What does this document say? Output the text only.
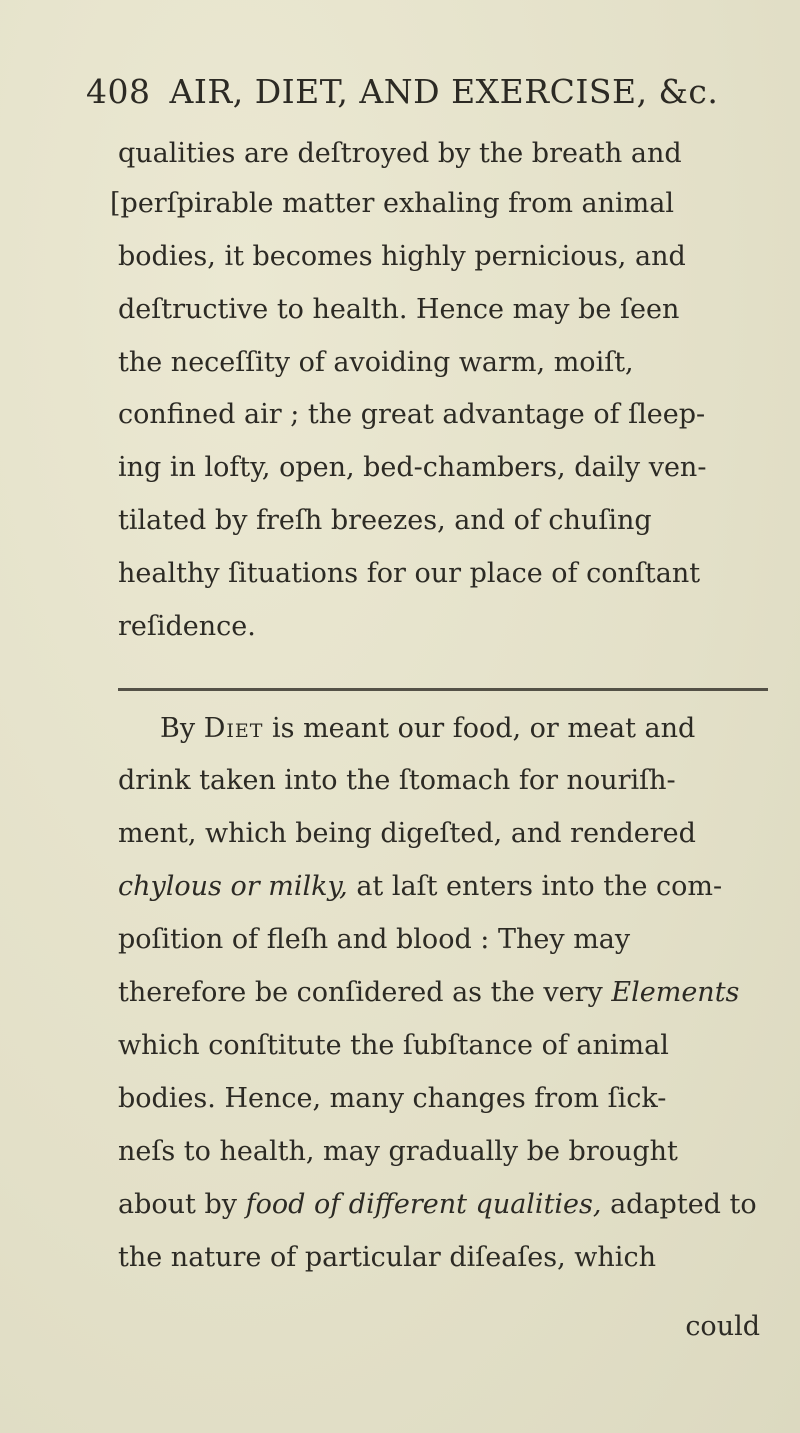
408 AIR, DIET, AND EXERCISE, &c.
qualities are deſtroyed by the breath and
[perſpirable matter exhaling from animal
bodies, it becomes highly pernicious, and
deſtructive to health. Hence may be ſeen
the neceſſity of avoiding warm, moiſt,
confined air ; the great advantage of ſleep-
ing in lofty, open, bed-chambers, daily ven-
tilated by freſh breezes, and of chuſing
healthy ſituations for our place of conſtant
reſidence.
By Diet is meant our food, or meat and
drink taken into the ſtomach for nouriſh-
ment, which being digeſted, and rendered
chylous or milky, at laſt enters into the com-
poſition of fleſh and blood : They may
therefore be conſidered as the very Elements
which conſtitute the ſubſtance of animal
bodies. Hence, many changes from ſick-
neſs to health, may gradually be brought
about by food of different qualities, adapted to
the nature of particular diſeaſes, which
could
